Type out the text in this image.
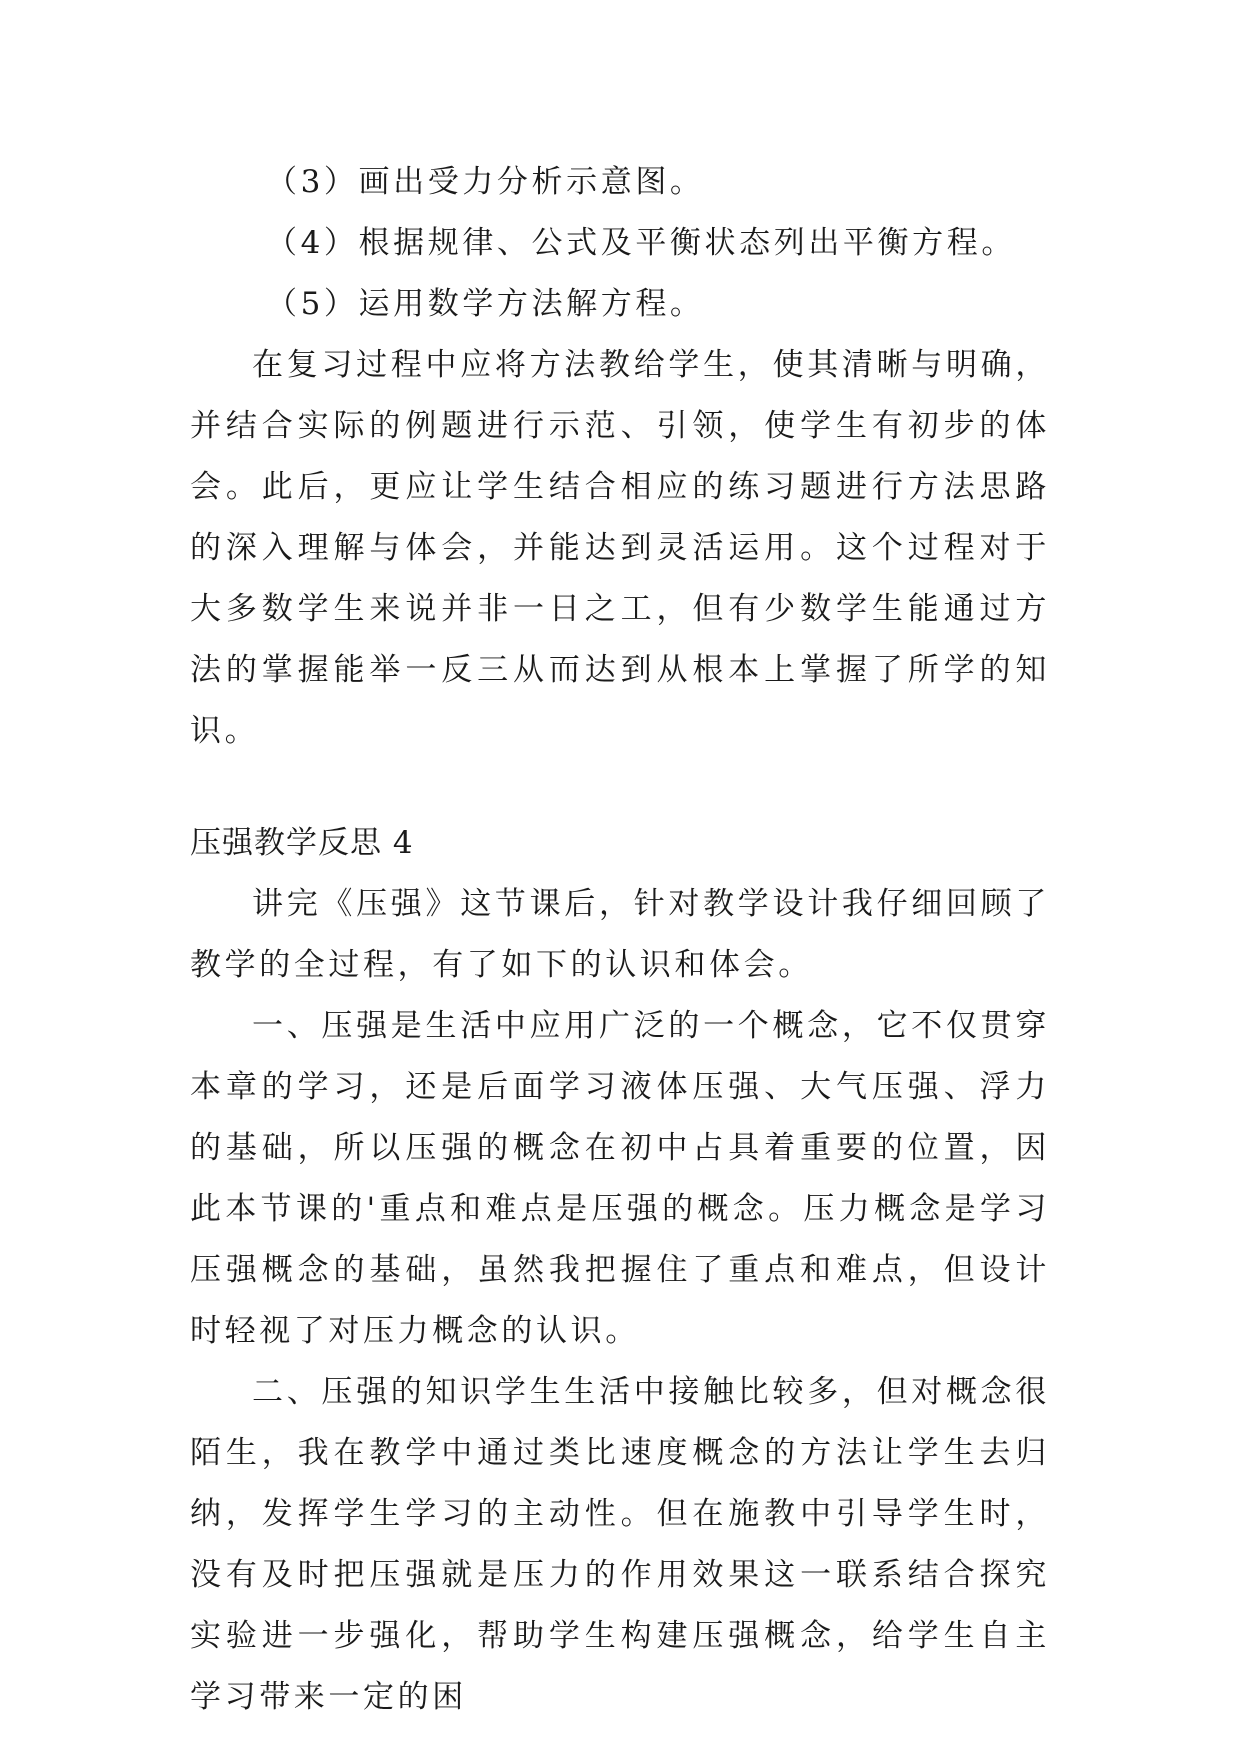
（3）画出受力分析示意图。

（4）根据规律、公式及平衡状态列出平衡方程。

（5）运用数学方法解方程。

在复习过程中应将方法教给学生，使其清晰与明确，并结合实际的例题进行示范、引领，使学生有初步的体会。此后，更应让学生结合相应的练习题进行方法思路的深入理解与体会，并能达到灵活运用。这个过程对于大多数学生来说并非一日之工，但有少数学生能通过方法的掌握能举一反三从而达到从根本上掌握了所学的知识。

压强教学反思 4

讲完《压强》这节课后，针对教学设计我仔细回顾了教学的全过程，有了如下的认识和体会。

一、压强是生活中应用广泛的一个概念，它不仅贯穿本章的学习，还是后面学习液体压强、大气压强、浮力的基础，所以压强的概念在初中占具着重要的位置，因此本节课的'重点和难点是压强的概念。压力概念是学习压强概念的基础，虽然我把握住了重点和难点，但设计时轻视了对压力概念的认识。

二、压强的知识学生生活中接触比较多，但对概念很陌生，我在教学中通过类比速度概念的方法让学生去归纳，发挥学生学习的主动性。但在施教中引导学生时，没有及时把压强就是压力的作用效果这一联系结合探究实验进一步强化，帮助学生构建压强概念，给学生自主学习带来一定的困
